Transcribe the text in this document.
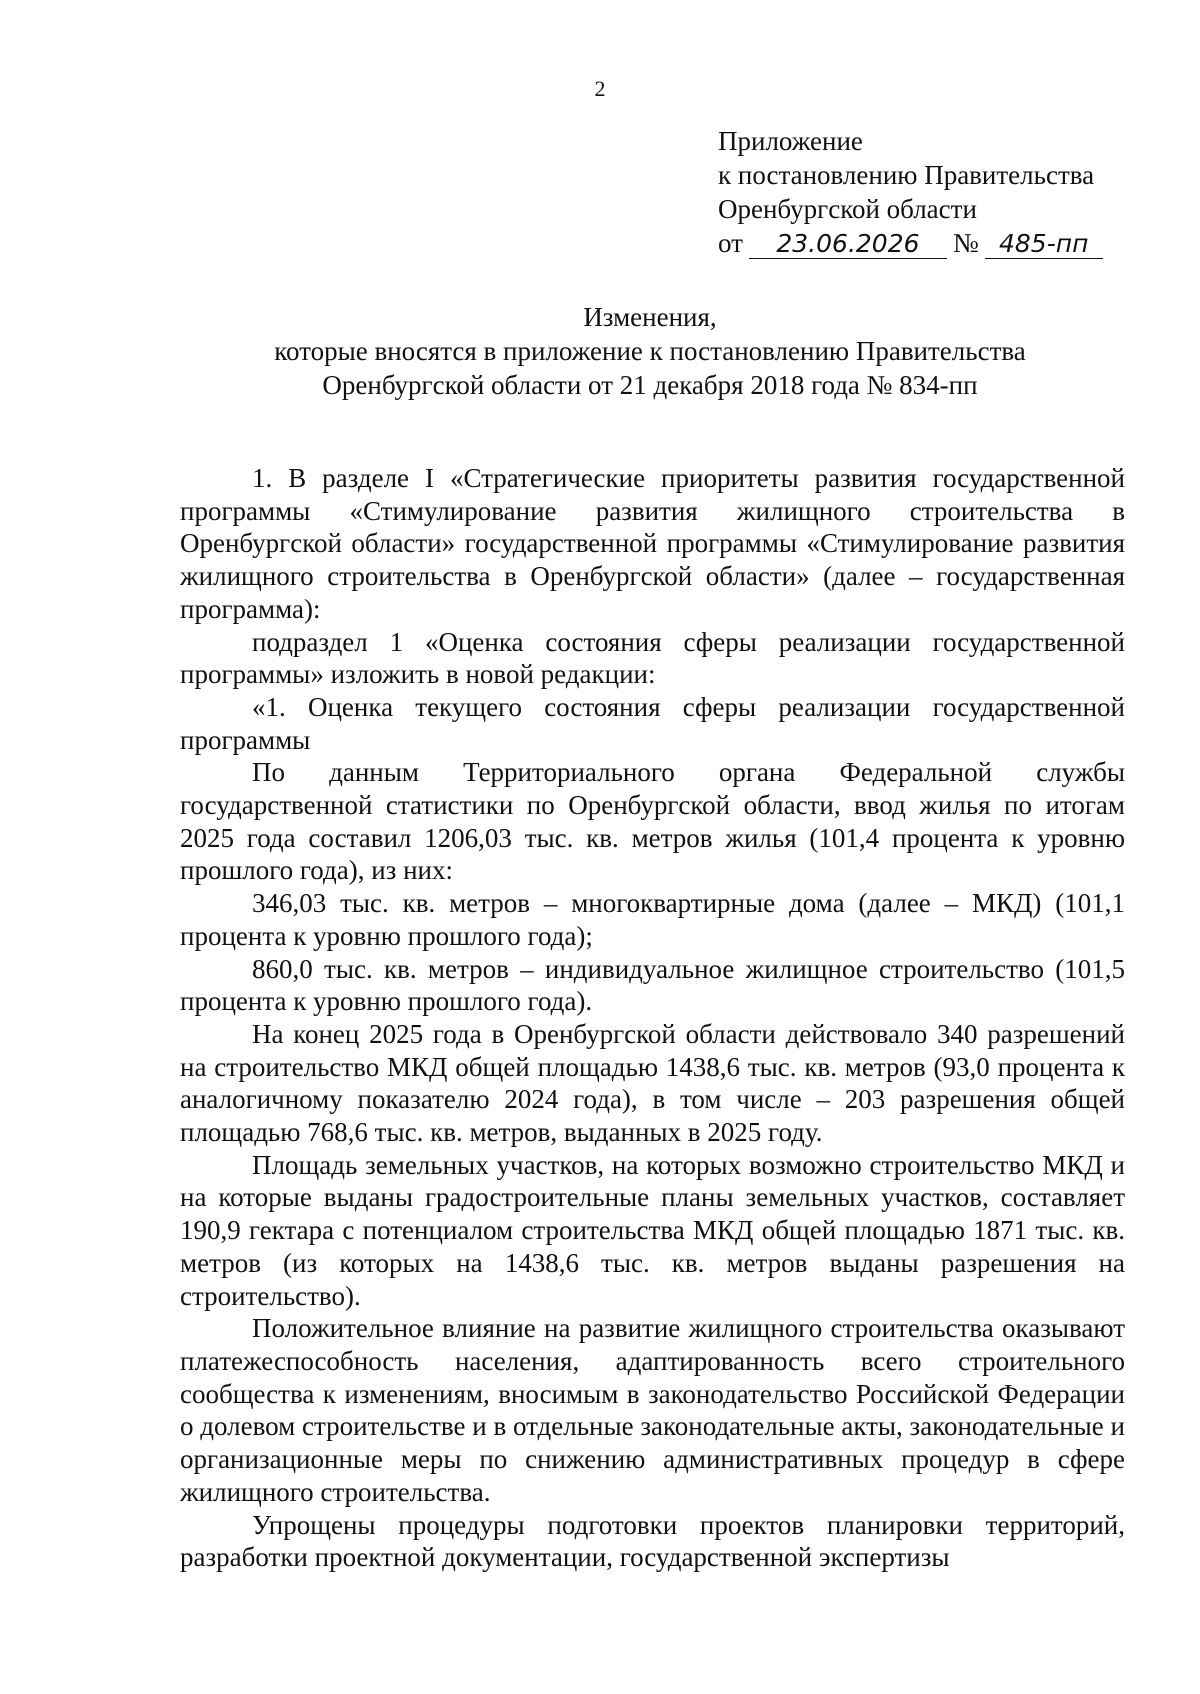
2
Приложение
к постановлению Правительства
Оренбургской области
от 23.06.2026 № 485-пп
Изменения,
которые вносятся в приложение к постановлению Правительства
Оренбургской области от 21 декабря 2018 года № 834-пп

1. В разделе I «Стратегические приоритеты развития государственной программы «Стимулирование развития жилищного строительства в Оренбургской области» государственной программы «Стимулирование развития жилищного строительства в Оренбургской области» (далее – государственная программа):

подраздел 1 «Оценка состояния сферы реализации государственной программы» изложить в новой редакции:

«1. Оценка текущего состояния сферы реализации государственной программы

По данным Территориального органа Федеральной службы государственной статистики по Оренбургской области, ввод жилья по итогам 2025 года составил 1206,03 тыс. кв. метров жилья (101,4 процента к уровню прошлого года), из них:

346,03 тыс. кв. метров – многоквартирные дома (далее – МКД) (101,1 процента к уровню прошлого года);

860,0 тыс. кв. метров – индивидуальное жилищное строительство (101,5 процента к уровню прошлого года).

На конец 2025 года в Оренбургской области действовало 340 разрешений на строительство МКД общей площадью 1438,6 тыс. кв. метров (93,0 процента к аналогичному показателю 2024 года), в том числе – 203 разрешения общей площадью 768,6 тыс. кв. метров, выданных в 2025 году.

Площадь земельных участков, на которых возможно строительство МКД и на которые выданы градостроительные планы земельных участков, составляет 190,9 гектара с потенциалом строительства МКД общей площадью 1871 тыс. кв. метров (из которых на 1438,6 тыс. кв. метров выданы разрешения на строительство).

Положительное влияние на развитие жилищного строительства оказывают платежеспособность населения, адаптированность всего строительного сообщества к изменениям, вносимым в законодательство Российской Федерации о долевом строительстве и в отдельные законодательные акты, законодательные и организационные меры по снижению административных процедур в сфере жилищного строительства.

Упрощены процедуры подготовки проектов планировки территорий, разработки проектной документации, государственной экспертизы
